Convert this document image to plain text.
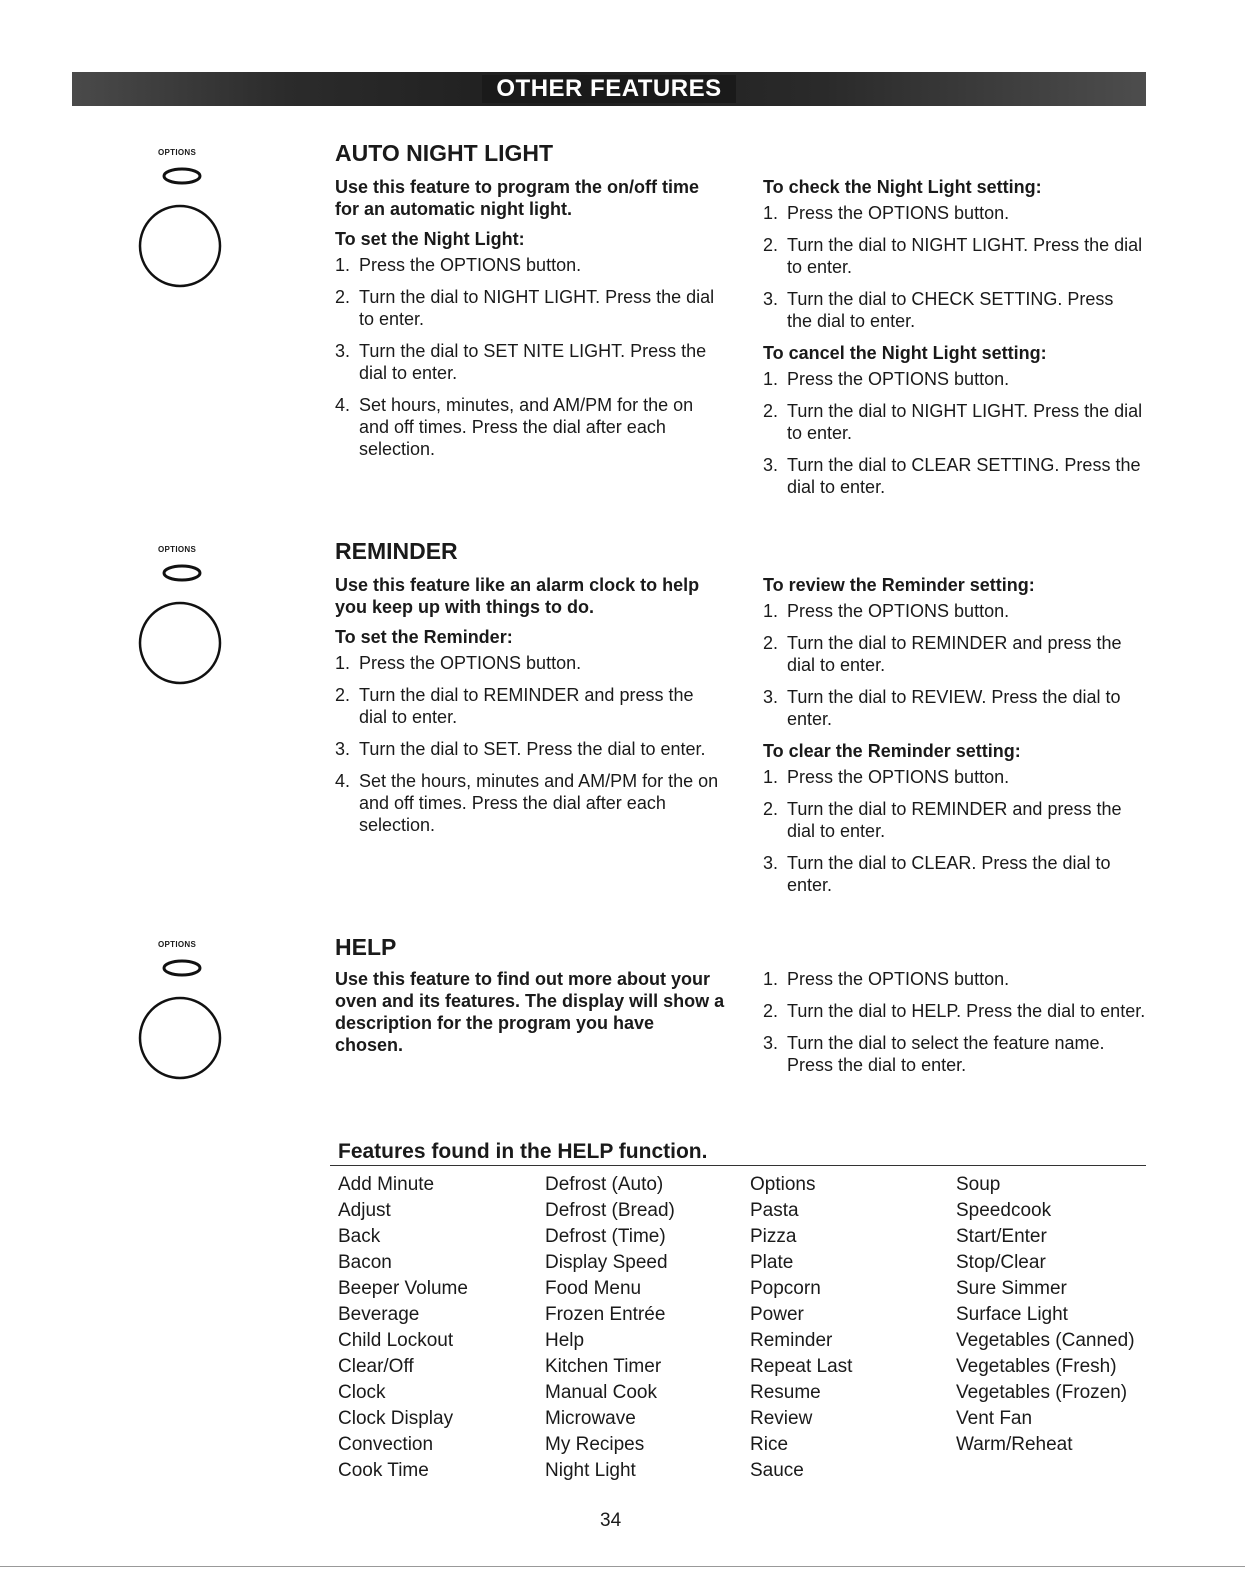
OTHER FEATURES
OPTIONS
OPTIONS
OPTIONS
AUTO NIGHT LIGHT

Use this feature to program the on/off time for an automatic night light.

To set the Night Light:

1. Press the OPTIONS button.
2. Turn the dial to NIGHT LIGHT. Press the dial to enter.
3. Turn the dial to SET NITE LIGHT. Press the dial to enter.
4. Set hours, minutes, and AM/PM for the on and off times. Press the dial after each selection.

To check the Night Light setting:

1. Press the OPTIONS button.
2. Turn the dial to NIGHT LIGHT. Press the dial to enter.
3. Turn the dial to CHECK SETTING. Press the dial to enter.

To cancel the Night Light setting:

1. Press the OPTIONS button.
2. Turn the dial to NIGHT LIGHT. Press the dial to enter.
3. Turn the dial to CLEAR SETTING. Press the dial to enter.
REMINDER

Use this feature like an alarm clock to help you keep up with things to do.

To set the Reminder:

1. Press the OPTIONS button.
2. Turn the dial to REMINDER and press the dial to enter.
3. Turn the dial to SET. Press the dial to enter.
4. Set the hours, minutes and AM/PM for the on and off times. Press the dial after each selection.

To review the Reminder setting:

1. Press the OPTIONS button.
2. Turn the dial to REMINDER and press the dial to enter.
3. Turn the dial to REVIEW. Press the dial to enter.

To clear the Reminder setting:

1. Press the OPTIONS button.
2. Turn the dial to REMINDER and press the dial to enter.
3. Turn the dial to CLEAR. Press the dial to enter.
HELP

Use this feature to find out more about your oven and its features. The display will show a description for the program you have chosen.

1. Press the OPTIONS button.
2. Turn the dial to HELP. Press the dial to enter.
3. Turn the dial to select the feature name. Press the dial to enter.
Features found in the HELP function.
Add Minute
Adjust
Back
Bacon
Beeper Volume
Beverage
Child Lockout
Clear/Off
Clock
Clock Display
Convection
Cook Time
Defrost (Auto)
Defrost (Bread)
Defrost (Time)
Display Speed
Food Menu
Frozen Entrée
Help
Kitchen Timer
Manual Cook
Microwave
My Recipes
Night Light
Options
Pasta
Pizza
Plate
Popcorn
Power
Reminder
Repeat Last
Resume
Review
Rice
Sauce
Soup
Speedcook
Start/Enter
Stop/Clear
Sure Simmer
Surface Light
Vegetables (Canned)
Vegetables (Fresh)
Vegetables (Frozen)
Vent Fan
Warm/Reheat
34
